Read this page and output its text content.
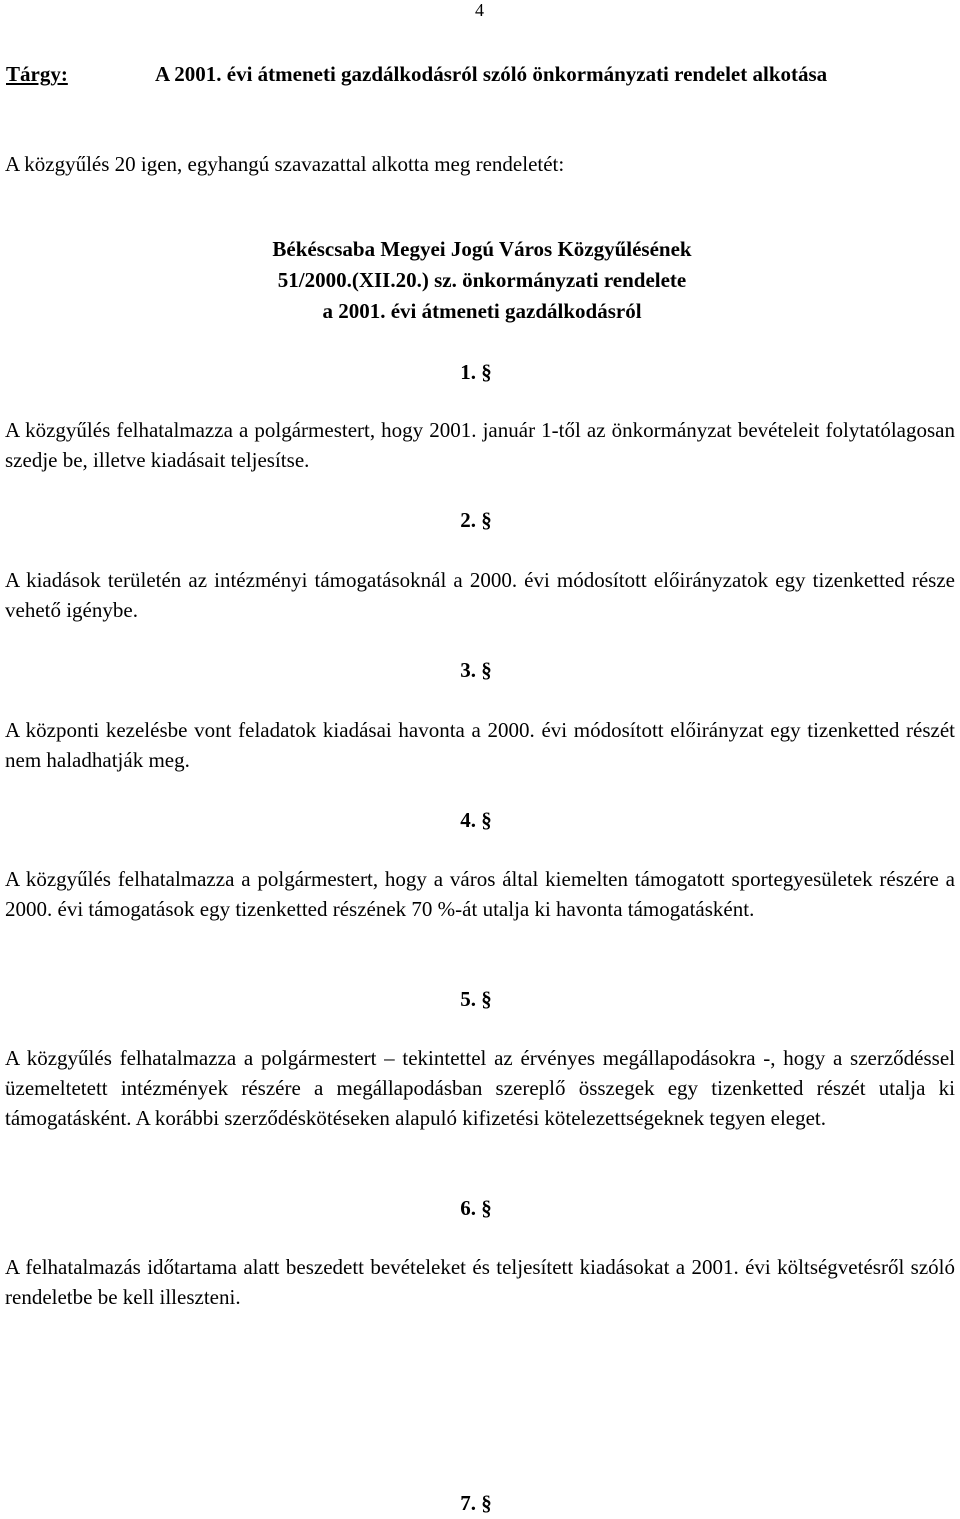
4
Tárgy:	A 2001. évi átmeneti gazdálkodásról szóló önkormányzati rendelet alkotása
A közgyűlés 20 igen, egyhangú szavazattal alkotta meg rendeletét:
Békéscsaba Megyei Jogú Város Közgyűlésének
51/2000.(XII.20.) sz. önkormányzati rendelete
a 2001. évi átmeneti gazdálkodásról
1. §

A közgyűlés felhatalmazza a polgármestert, hogy 2001. január 1-től az önkormányzat bevételeit folytatólagosan szedje be, illetve kiadásait teljesítse.

2. §

A kiadások területén az intézményi támogatásoknál a 2000. évi módosított előirányzatok egy tizenketted része vehető igénybe.

3. §

A központi kezelésbe vont feladatok kiadásai havonta a 2000. évi módosított előirányzat egy tizenketted részét nem haladhatják meg.

4. §

A közgyűlés felhatalmazza a polgármestert, hogy a város által kiemelten támogatott sportegyesületek részére a 2000. évi támogatások egy tizenketted részének 70 %-át utalja ki havonta támogatásként.

5. §

A közgyűlés felhatalmazza a polgármestert – tekintettel az érvényes megállapodásokra -, hogy a szerződéssel üzemeltetett intézmények részére a megállapodásban szereplő összegek egy tizenketted részét utalja ki támogatásként. A korábbi szerződéskötéseken alapuló kifizetési kötelezettségeknek tegyen eleget.

6. §

A felhatalmazás időtartama alatt beszedett bevételeket és teljesített kiadásokat a 2001. évi költségvetésről szóló rendeletbe be kell illeszteni.

7. §
